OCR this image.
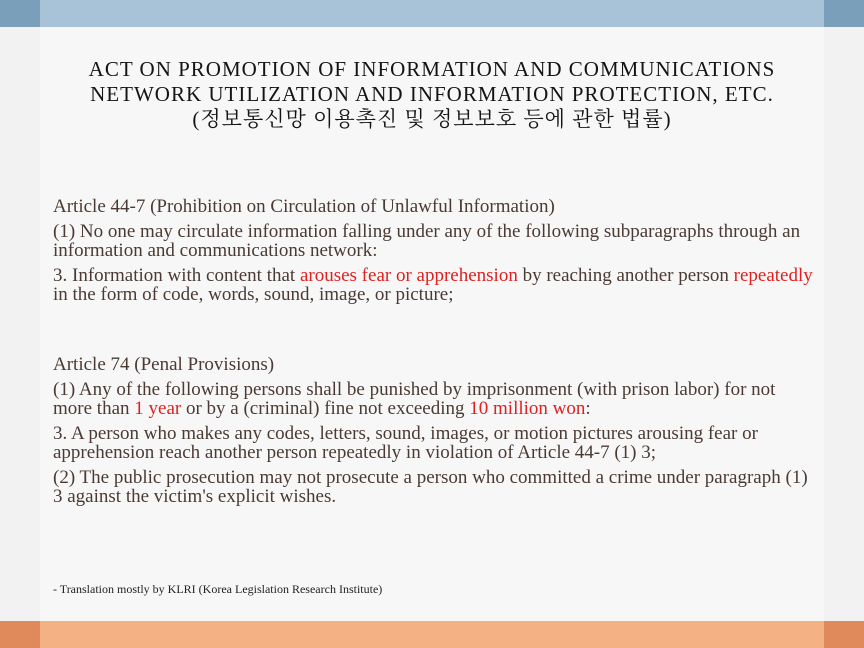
ACT ON PROMOTION OF INFORMATION AND COMMUNICATIONS
NETWORK UTILIZATION AND INFORMATION PROTECTION, ETC.
(정보통신망 이용촉진 및 정보보호 등에 관한 법률)

Article 44-7 (Prohibition on Circulation of Unlawful Information)

(1) No one may circulate information falling under any of the following subparagraphs through an information and communications network:

3. Information with content that arouses fear or apprehension by reaching another person repeatedly in the form of code, words, sound, image, or picture;

Article 74 (Penal Provisions)

(1) Any of the following persons shall be punished by imprisonment (with prison labor) for not more than 1 year or by a (criminal) fine not exceeding 10 million won:

3. A person who makes any codes, letters, sound, images, or motion pictures arousing fear or apprehension reach another person repeatedly in violation of Article 44-7 (1) 3;

(2) The public prosecution may not prosecute a person who committed a crime under paragraph (1) 3 against the victim's explicit wishes.

- Translation mostly by KLRI (Korea Legislation Research Institute)
